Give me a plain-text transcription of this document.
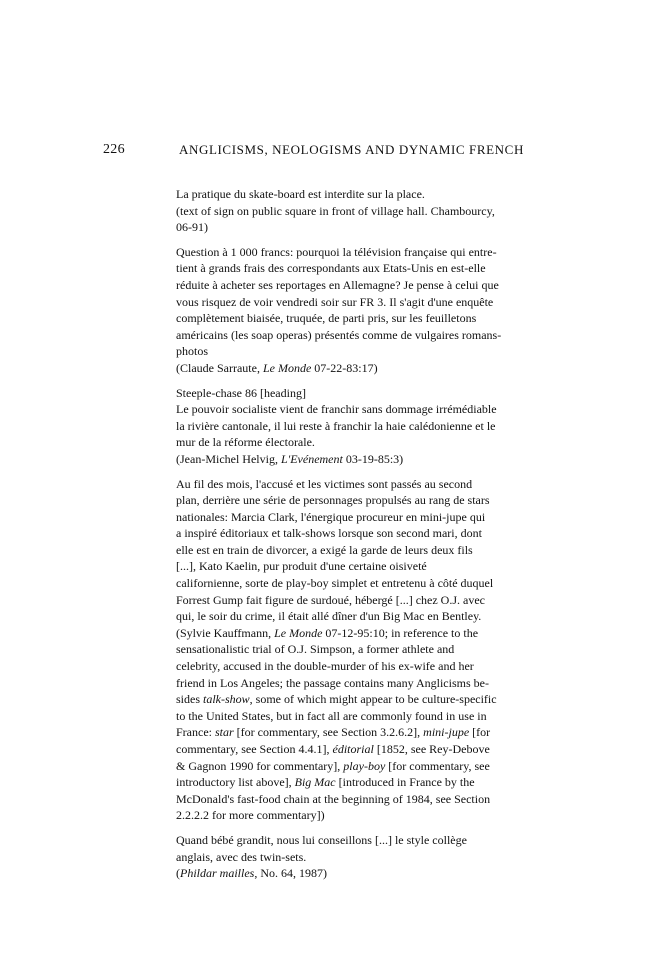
226	ANGLICISMS, NEOLOGISMS AND DYNAMIC FRENCH

La pratique du skate-board est interdite sur la place.
(text of sign on public square in front of village hall. Chambourcy,
06-91)

Question à 1 000 francs: pourquoi la télévision française qui entre-
tient à grands frais des correspondants aux Etats-Unis en est-elle
réduite à acheter ses reportages en Allemagne? Je pense à celui que
vous risquez de voir vendredi soir sur FR 3. Il s'agit d'une enquête
complètement biaisée, truquée, de parti pris, sur les feuilletons
américains (les soap operas) présentés comme de vulgaires romans-
photos
(Claude Sarraute, Le Monde 07-22-83:17)

Steeple-chase 86 [heading]
Le pouvoir socialiste vient de franchir sans dommage irrémédiable
la rivière cantonale, il lui reste à franchir la haie calédonienne et le
mur de la réforme électorale.
(Jean-Michel Helvig, L'Evénement 03-19-85:3)

Au fil des mois, l'accusé et les victimes sont passés au second
plan, derrière une série de personnages propulsés au rang de stars
nationales: Marcia Clark, l'énergique procureur en mini-jupe qui
a inspiré éditoriaux et talk-shows lorsque son second mari, dont
elle est en train de divorcer, a exigé la garde de leurs deux fils
[...], Kato Kaelin, pur produit d'une certaine oisiveté
californienne, sorte de play-boy simplet et entretenu à côté duquel
Forrest Gump fait figure de surdoué, hébergé [...] chez O.J. avec
qui, le soir du crime, il était allé dîner d'un Big Mac en Bentley.
(Sylvie Kauffmann, Le Monde 07-12-95:10; in reference to the
sensationalistic trial of O.J. Simpson, a former athlete and
celebrity, accused in the double-murder of his ex-wife and her
friend in Los Angeles; the passage contains many Anglicisms be-
sides talk-show, some of which might appear to be culture-specific
to the United States, but in fact all are commonly found in use in
France: star [for commentary, see Section 3.2.6.2], mini-jupe [for
commentary, see Section 4.4.1], éditorial [1852, see Rey-Debove
& Gagnon 1990 for commentary], play-boy [for commentary, see
introductory list above], Big Mac [introduced in France by the
McDonald's fast-food chain at the beginning of 1984, see Section
2.2.2.2 for more commentary])

Quand bébé grandit, nous lui conseillons [...] le style collège
anglais, avec des twin-sets.
(Phildar mailles, No. 64, 1987)
